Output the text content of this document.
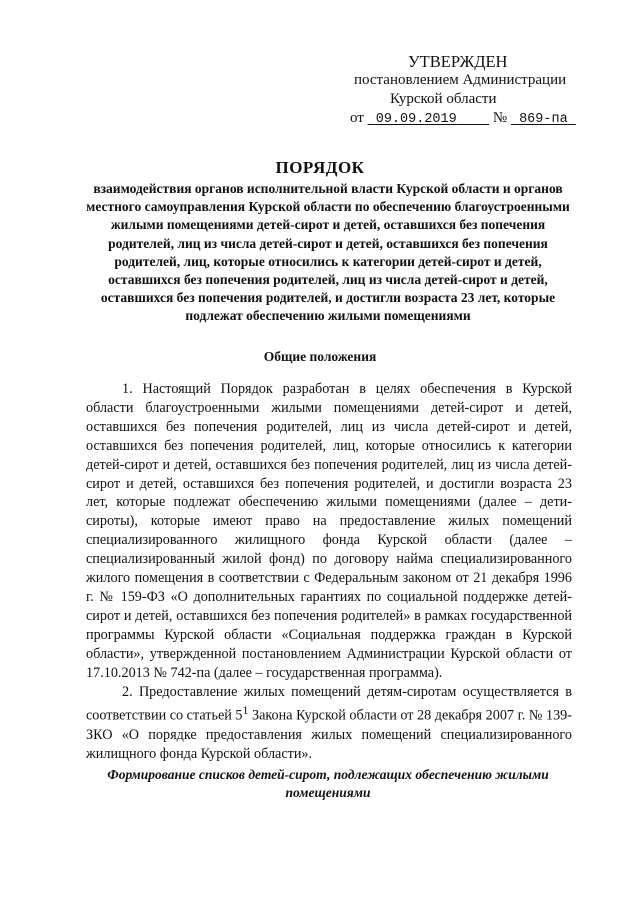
УТВЕРЖДЕН
постановлением Администрации
Курской области
от 09.09.2019 № 869-па
ПОРЯДОК
взаимодействия органов исполнительной власти Курской области и органов местного самоуправления Курской области по обеспечению благоустроенными жилыми помещениями детей-сирот и детей, оставшихся без попечения родителей, лиц из числа детей-сирот и детей, оставшихся без попечения родителей, лиц, которые относились к категории детей-сирот и детей, оставшихся без попечения родителей, лиц из числа детей-сирот и детей, оставшихся без попечения родителей, и достигли возраста 23 лет, которые подлежат обеспечению жилыми помещениями
Общие положения

1. Настоящий Порядок разработан в целях обеспечения в Курской области благоустроенными жилыми помещениями детей-сирот и детей, оставшихся без попечения родителей, лиц из числа детей-сирот и детей, оставшихся без попечения родителей, лиц, которые относились к категории детей-сирот и детей, оставшихся без попечения родителей, лиц из числа детей-сирот и детей, оставшихся без попечения родителей, и достигли возраста 23 лет, которые подлежат обеспечению жилыми помещениями (далее – дети-сироты), которые имеют право на предоставление жилых помещений специализированного жилищного фонда Курской области (далее – специализированный жилой фонд) по договору найма специализированного жилого помещения в соответствии с Федеральным законом от 21 декабря 1996 г. № 159-ФЗ «О дополнительных гарантиях по социальной поддержке детей-сирот и детей, оставшихся без попечения родителей» в рамках государственной программы Курской области «Социальная поддержка граждан в Курской области», утвержденной постановлением Администрации Курской области от 17.10.2013 № 742-па (далее – государственная программа).

2. Предоставление жилых помещений детям-сиротам осуществляется в соответствии со статьей $5^1$ Закона Курской области от 28 декабря 2007 г. № 139-ЗКО «О порядке предоставления жилых помещений специализированного жилищного фонда Курской области».

Формирование списков детей-сирот, подлежащих обеспечению жилыми помещениями
